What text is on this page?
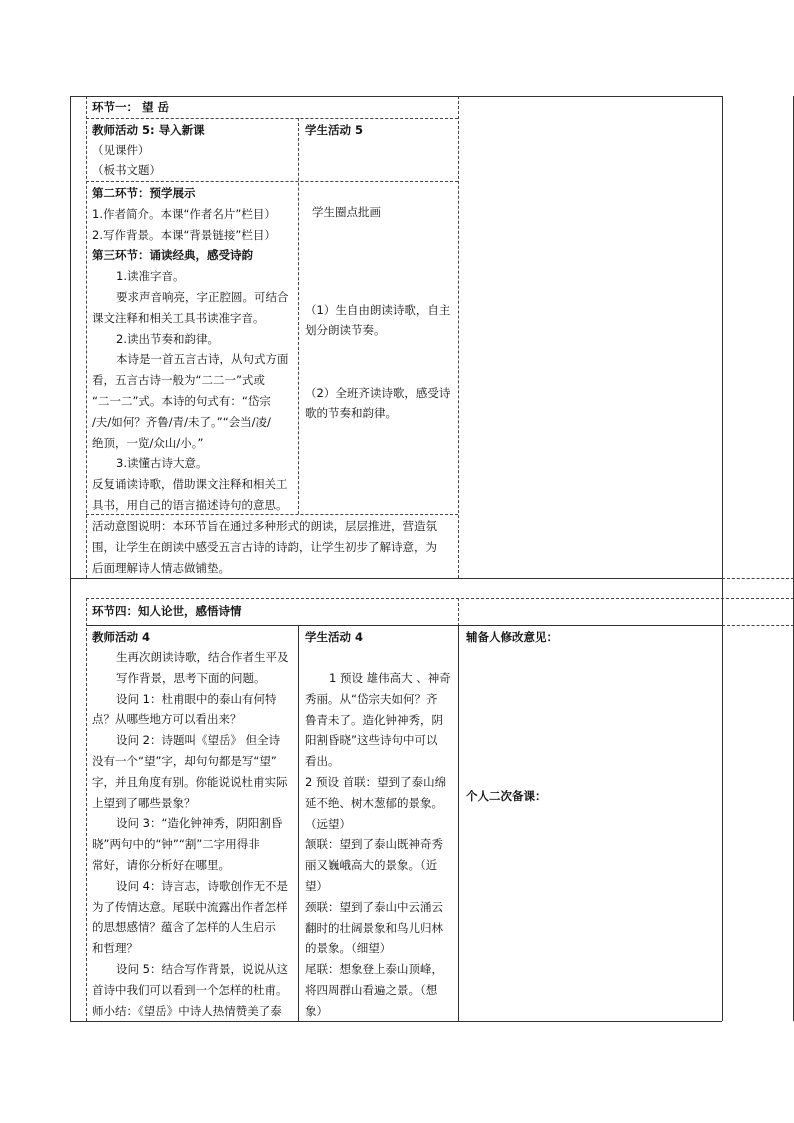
环节一： 望 岳
教师活动 5: 导入新课
（见课件）
（板书文题）
学生活动 5
第二环节：预学展示
1.作者简介。本课“作者名片”栏目）
2.写作背景。本课“背景链接”栏目）
第三环节：诵读经典，感受诗韵
1.读准字音。
要求声音响亮，字正腔圆。可结合
课文注释和相关工具书读准字音。
2.读出节奏和韵律。
本诗是一首五言古诗，从句式方面
看，五言古诗一般为“二二一”式或
“二一二”式。本诗的句式有：“岱宗
/夫/如何？齐鲁/青/未了。”“会当/凌/
绝顶，一览/众山/小。”
3.读懂古诗大意。
反复诵读诗歌，借助课文注释和相关工
具书，用自己的语言描述诗句的意思。
学生圈点批画
（1）生自由朗读诗歌，自主
划分朗读节奏。
（2）全班齐读诗歌，感受诗
歌的节奏和韵律。
活动意图说明：本环节旨在通过多种形式的朗读，层层推进，营造氛
围，让学生在朗读中感受五言古诗的诗韵，让学生初步了解诗意，为
后面理解诗人情志做铺垫。
环节四：知人论世，感悟诗情
教师活动 4	学生活动 4	辅备人修改意见：
个人二次备课：
生再次朗读诗歌，结合作者生平及
写作背景，思考下面的问题。
设问 1：杜甫眼中的泰山有何特
点？从哪些地方可以看出来？
设问 2：诗题叫《望岳》 但全诗
没有一个“望”字，却句句都是写“望”
字，并且角度有别。你能说说杜甫实际
上望到了哪些景象？
设问 3：“造化钟神秀，阴阳割昏
晓”两句中的“钟”“割”二字用得非
常好，请你分析好在哪里。
设问 4：诗言志，诗歌创作无不是
为了传情达意。尾联中流露出作者怎样
的思想感情？蕴含了怎样的人生启示
和哲理？
设问 5：结合写作背景，说说从这
首诗中我们可以看到一个怎样的杜甫。
师小结：《望岳》中诗人热情赞美了泰
1 预设 雄伟高大 、神奇
秀丽。从“岱宗夫如何？齐
鲁青未了。造化钟神秀，阴
阳割昏晓”这些诗句中可以
看出。
2 预设 首联：望到了泰山绵
延不绝、树木葱郁的景象。
（远望）
颔联：望到了泰山既神奇秀
丽又巍峨高大的景象。（近
望）
颈联：望到了泰山中云涌云
翻时的壮阔景象和鸟儿归林
的景象。（细望）
尾联：想象登上泰山顶峰，
将四周群山看遍之景。（想
象）
